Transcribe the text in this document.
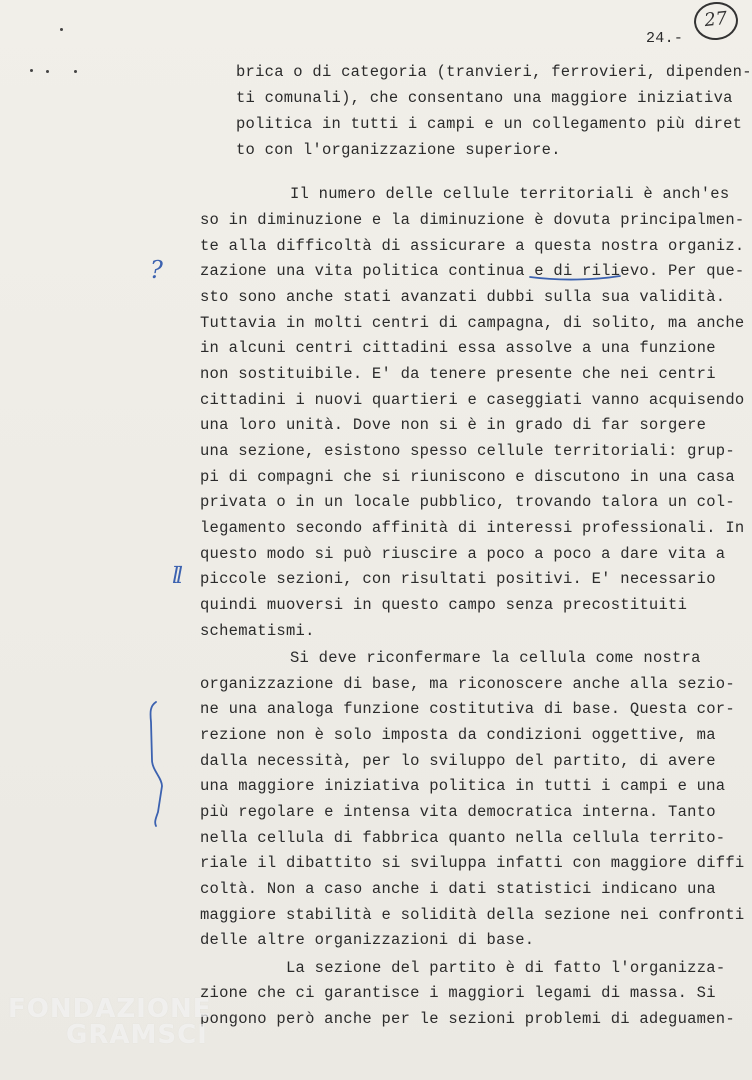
24.-
27
brica o di categoria (tranvieri, ferrovieri, dipenden-
ti comunali), che consentano una maggiore iniziativa
politica in tutti i campi e un collegamento più diret
to con l'organizzazione superiore.
Il numero delle cellule territoriali è anch'es
so in diminuzione e la diminuzione è dovuta principalmen-
te alla difficoltà di assicurare a questa nostra organiz.
zazione una vita politica continua e di rilievo. Per que-
sto sono anche stati avanzati dubbi sulla sua validità.
Tuttavia in molti centri di campagna, di solito, ma anche
in alcuni centri cittadini essa assolve a una funzione
non sostituibile. E' da tenere presente che nei centri
cittadini i nuovi quartieri e caseggiati vanno acquisendo
una loro unità. Dove non si è in grado di far sorgere
una sezione, esistono spesso cellule territoriali: grup-
pi di compagni che si riuniscono e discutono in una casa
privata o in un locale pubblico, trovando talora un col-
legamento secondo affinità di interessi professionali. In
questo modo si può riuscire a poco a poco a dare vita a
piccole sezioni, con risultati positivi. E' necessario
quindi muoversi in questo campo senza precostituiti
schematismi.
Si deve riconfermare la cellula come nostra
organizzazione di base, ma riconoscere anche alla sezio-
ne una analoga funzione costitutiva di base. Questa cor-
rezione non è solo imposta da condizioni oggettive, ma
dalla necessità, per lo sviluppo del partito, di avere
una maggiore iniziativa politica in tutti i campi e una
più regolare e intensa vita democratica interna. Tanto
nella cellula di fabbrica quanto nella cellula territo-
riale il dibattito si sviluppa infatti con maggiore diffi
coltà. Non a caso anche i dati statistici indicano una
maggiore stabilità e solidità della sezione nei confronti
delle altre organizzazioni di base.
La sezione del partito è di fatto l'organizza-
zione che ci garantisce i maggiori legami di massa. Si
pongono però anche per le sezioni problemi di adeguamen-
?
ll
FONDAZIONE
GRAMSCI
